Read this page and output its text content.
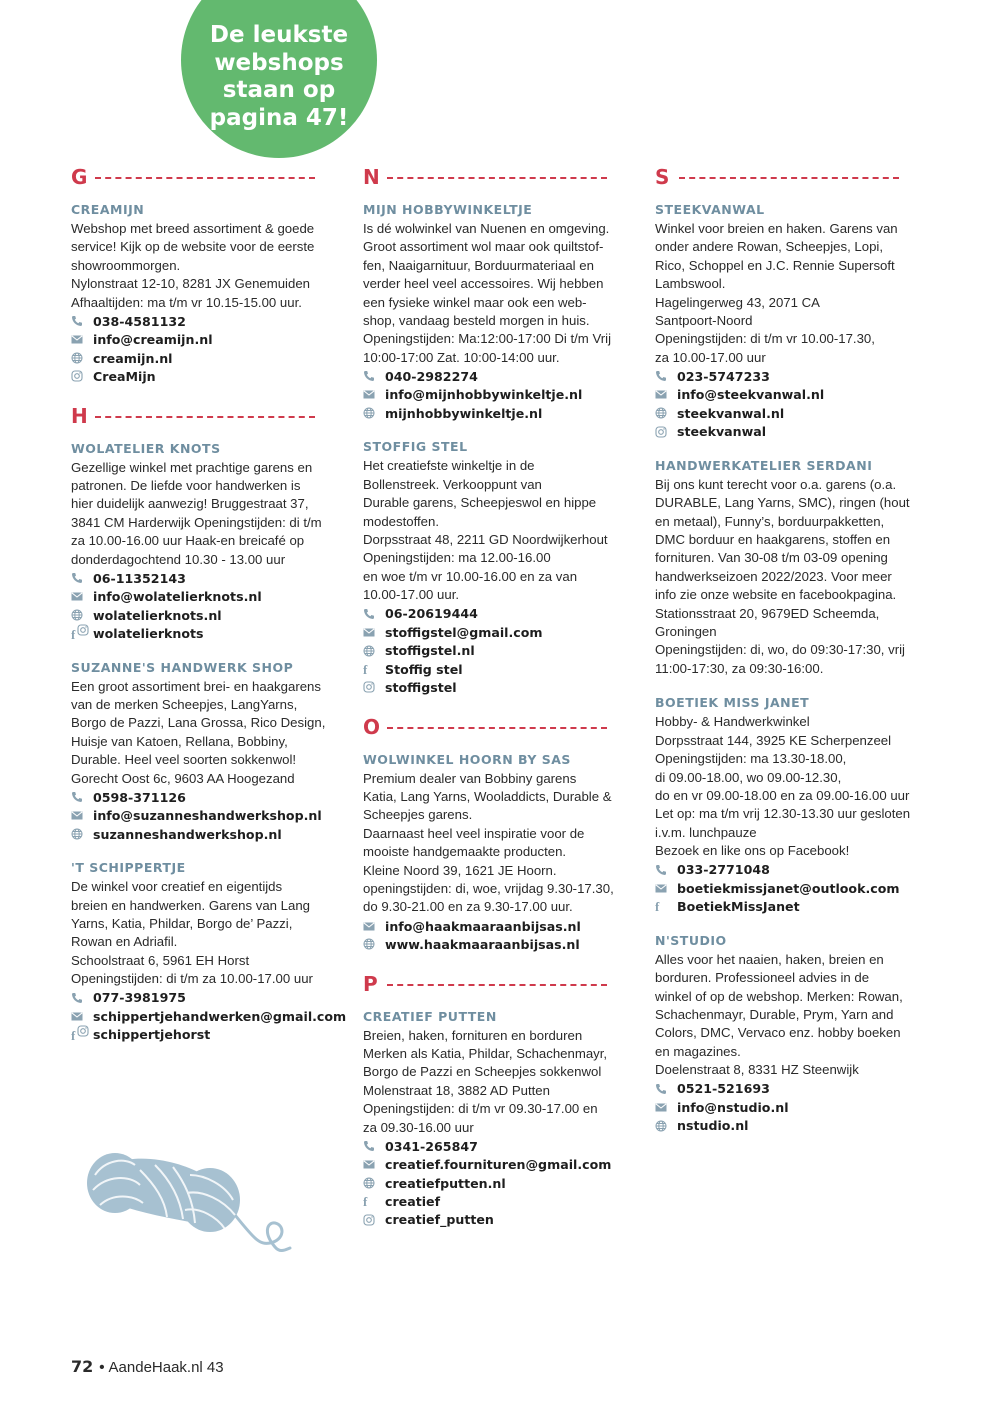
De leukste
webshops
staan op
pagina 47!
G
CREAMIJN
Webshop met breed assortiment & goede
service! Kijk op de website voor de eerste
showroommorgen.
Nylonstraat 12-10, 8281 JX Genemuiden
Afhaaltijden: ma t/m vr 10.15-15.00 uur.
038-4581132
info@creamijn.nl
creamijn.nl
CreaMijn
H
WOLATELIER KNOTS
Gezellige winkel met prachtige garens en
patronen. De liefde voor handwerken is
hier duidelijk aanwezig! Bruggestraat 37,
3841 CM Harderwijk Openingstijden: di t/m
za 10.00-16.00 uur Haak-en breicafé op
donderdagochtend 10.30 - 13.00 uur
06-11352143
info@wolatelierknots.nl
wolatelierknots.nl
f wolatelierknots
SUZANNE'S HANDWERK SHOP
Een groot assortiment brei- en haakgarens
van de merken Scheepjes, LangYarns,
Borgo de Pazzi, Lana Grossa, Rico Design,
Huisje van Katoen, Rellana, Bobbiny,
Durable. Heel veel soorten sokkenwol!
Gorecht Oost 6c, 9603 AA Hoogezand
0598-371126
info@suzanneshandwerkshop.nl
suzanneshandwerkshop.nl
'T SCHIPPERTJE
De winkel voor creatief en eigentijds
breien en handwerken. Garens van Lang
Yarns, Katia, Phildar, Borgo de’ Pazzi,
Rowan en Adriafil.
Schoolstraat 6, 5961 EH Horst
Openingstijden: di t/m za 10.00-17.00 uur
077-3981975
schippertjehandwerken@gmail.com
f schippertjehorst
N
MIJN HOBBYWINKELTJE
Is dé wolwinkel van Nuenen en omgeving.
Groot assortiment wol maar ook quiltstof-
fen, Naaigarnituur, Borduurmateriaal en
verder heel veel accessoires. Wij hebben
een fysieke winkel maar ook een web-
shop, vandaag besteld morgen in huis.
Openingstijden: Ma:12:00-17:00 Di t/m Vrij
10:00-17:00 Zat. 10:00-14:00 uur.
040-2982274
info@mijnhobbywinkeltje.nl
mijnhobbywinkeltje.nl
STOFFIG STEL
Het creatiefste winkeltje in de
Bollenstreek. Verkooppunt van
Durable garens, Scheepjeswol en hippe
modestoffen.
Dorpsstraat 48, 2211 GD Noordwijkerhout
Openingstijden: ma 12.00-16.00
en woe t/m vr 10.00-16.00 en za van
10.00-17.00 uur.
06-20619444
stoffigstel@gmail.com
stoffigstel.nl
f Stoffig stel
stoffigstel
O
WOLWINKEL HOORN BY SAS
Premium dealer van Bobbiny garens
Katia, Lang Yarns, Wooladdicts, Durable &
Scheepjes garens.
Daarnaast heel veel inspiratie voor de
mooiste handgemaakte producten.
Kleine Noord 39, 1621 JE Hoorn.
openingstijden: di, woe, vrijdag 9.30-17.30,
do 9.30-21.00 en za 9.30-17.00 uur.
info@haakmaaraanbijsas.nl
www.haakmaaraanbijsas.nl
P
CREATIEF PUTTEN
Breien, haken, fornituren en borduren
Merken als Katia, Phildar, Schachenmayr,
Borgo de Pazzi en Scheepjes sokkenwol
Molenstraat 18, 3882 AD Putten
Openingstijden: di t/m vr 09.30-17.00 en
za 09.30-16.00 uur
0341-265847
creatief.fournituren@gmail.com
creatiefputten.nl
f creatief
creatief_putten
S
STEEKVANWAL
Winkel voor breien en haken. Garens van
onder andere Rowan, Scheepjes, Lopi,
Rico, Schoppel en J.C. Rennie Supersoft
Lambswool.
Hagelingerweg 43, 2071 CA
Santpoort-Noord
Openingstijden: di t/m vr 10.00-17.30,
za 10.00-17.00 uur
023-5747233
info@steekvanwal.nl
steekvanwal.nl
steekvanwal
HANDWERKATELIER SERDANI
Bij ons kunt terecht voor o.a. garens (o.a.
DURABLE, Lang Yarns, SMC), ringen (hout
en metaal), Funny’s, borduurpakketten,
DMC borduur en haakgarens, stoffen en
fornituren. Van 30-08 t/m 03-09 opening
handwerkseizoen 2022/2023. Voor meer
info zie onze website en facebookpagina.
Stationsstraat 20, 9679ED Scheemda,
Groningen
Openingstijden: di, wo, do 09:30-17:30, vrij
11:00-17:30, za 09:30-16:00.
BOETIEK MISS JANET
Hobby- & Handwerkwinkel
Dorpsstraat 144, 3925 KE Scherpenzeel
Openingstijden: ma 13.30-18.00,
di 09.00-18.00, wo 09.00-12.30,
do en vr 09.00-18.00 en za 09.00-16.00 uur
Let op: ma t/m vrij 12.30-13.30 uur gesloten
i.v.m. lunchpauze
Bezoek en like ons op Facebook!
033-2771048
boetiekmissjanet@outlook.com
f BoetiekMissJanet
N'STUDIO
Alles voor het naaien, haken, breien en
borduren. Professioneel advies in de
winkel of op de webshop. Merken: Rowan,
Schachenmayr, Durable, Prym, Yarn and
Colors, DMC, Vervaco enz. hobby boeken
en magazines.
Doelenstraat 8, 8331 HZ Steenwijk
0521-521693
info@nstudio.nl
nstudio.nl
72 • AandeHaak.nl 43
